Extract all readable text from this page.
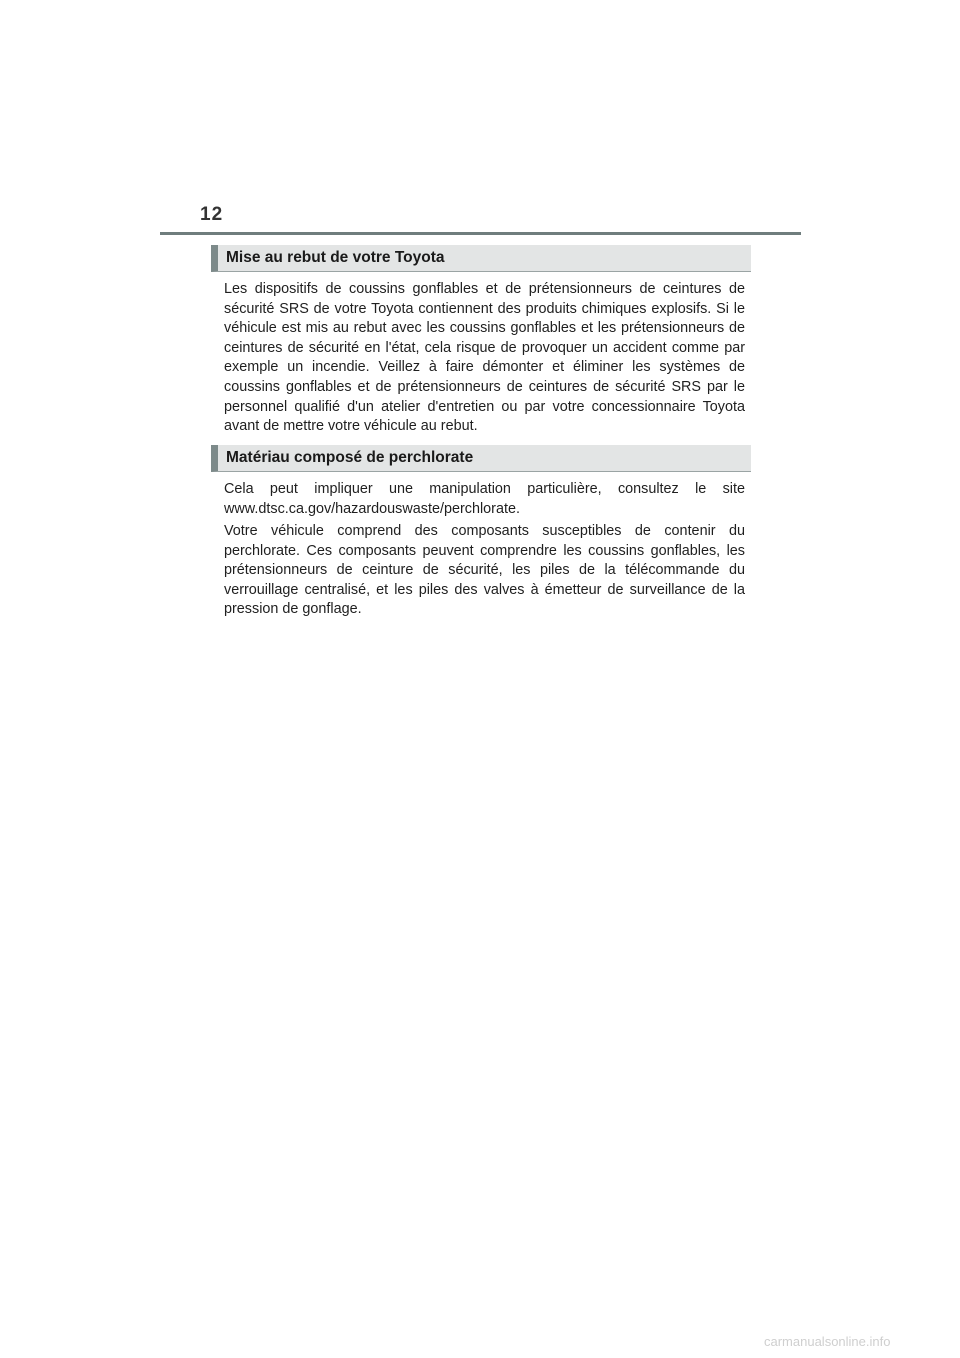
12
Mise au rebut de votre Toyota

Les dispositifs de coussins gonflables et de prétensionneurs de ceintures de sécurité SRS de votre Toyota contiennent des produits chimiques explosifs. Si le véhicule est mis au rebut avec les coussins gonflables et les prétensionneurs de ceintures de sécurité en l'état, cela risque de provoquer un accident comme par exemple un incendie. Veillez à faire démonter et éliminer les systèmes de coussins gonflables et de prétensionneurs de ceintures de sécurité SRS par le personnel qualifié d'un atelier d'entretien ou par votre concessionnaire Toyota avant de mettre votre véhicule au rebut.

Matériau composé de perchlorate

Cela peut impliquer une manipulation particulière, consultez le site www.dtsc.ca.gov/hazardouswaste/perchlorate.

Votre véhicule comprend des composants susceptibles de contenir du perchlorate. Ces composants peuvent comprendre les coussins gonflables, les prétensionneurs de ceinture de sécurité, les piles de la télécommande du verrouillage centralisé, et les piles des valves à émetteur de surveillance de la pression de gonflage.

carmanualsonline.info
